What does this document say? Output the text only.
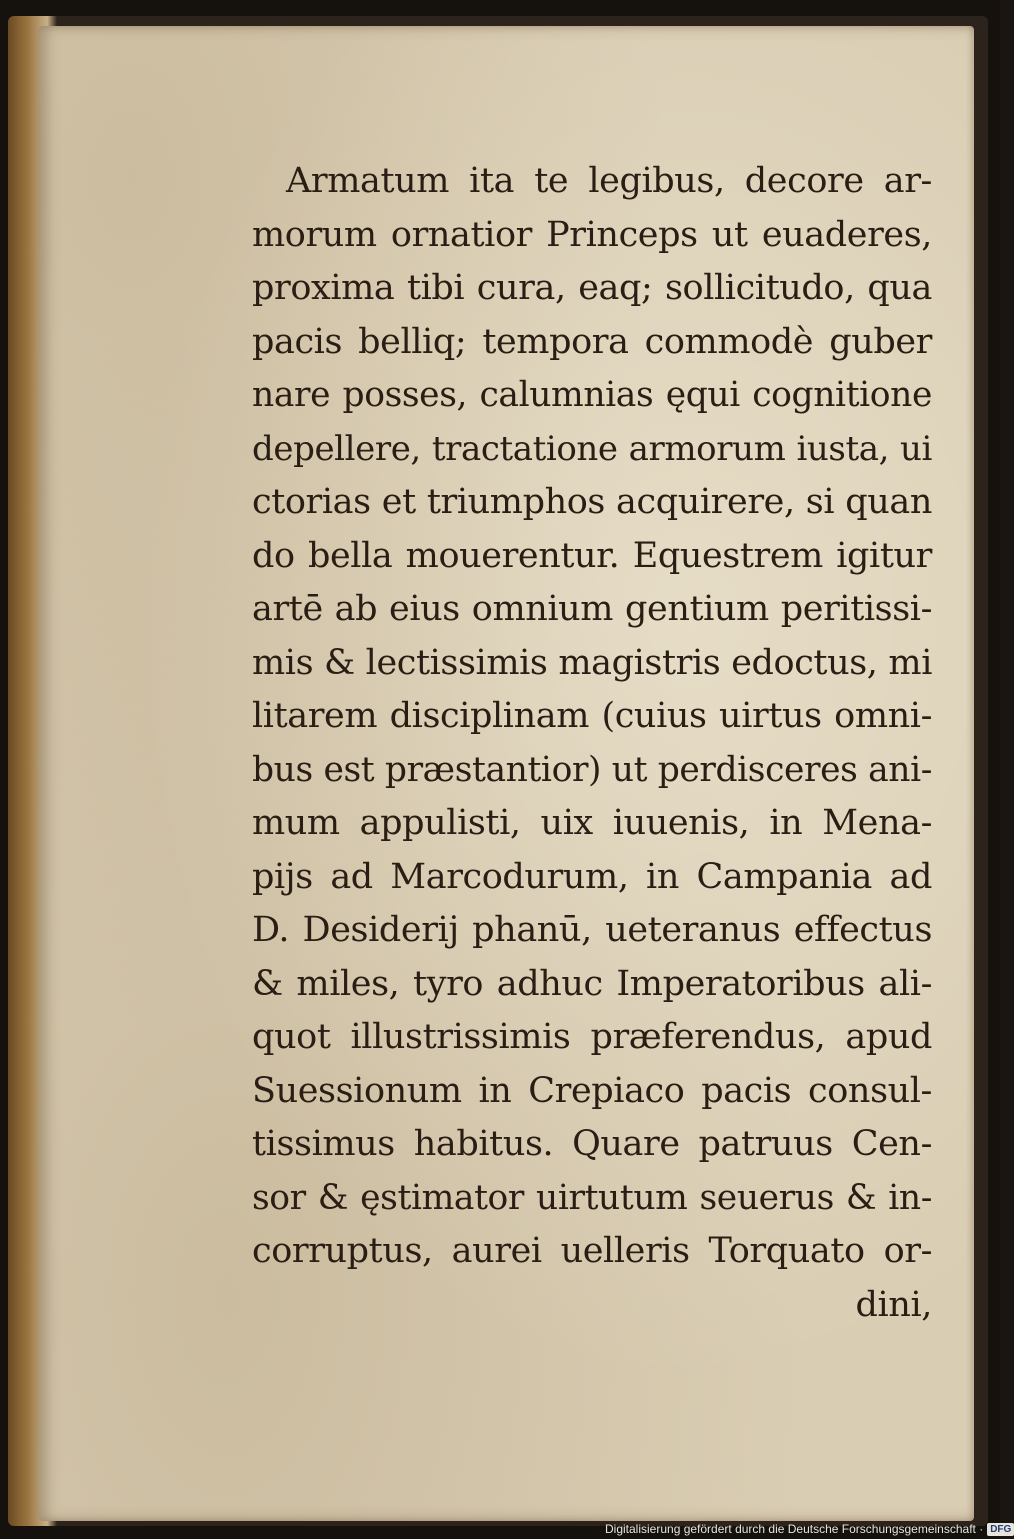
Armatum ita te legibus, decore ar-
morum ornatior Princeps ut euaderes,
proxima tibi cura, eaq; sollicitudo, qua
pacis belliq; tempora commodè guber
nare posses, calumnias ęqui cognitione
depellere, tractatione armorum iusta, ui
ctorias et triumphos acquirere, si quan
do bella mouerentur. Equestrem igitur
artē ab eius omnium gentium peritissi-
mis & lectissimis magistris edoctus, mi
litarem disciplinam (cuius uirtus omni-
bus est præstantior) ut perdisceres ani-
mum appulisti, uix iuuenis, in Mena-
pijs ad Marcodurum, in Campania ad
D. Desiderij phanū, ueteranus effectus
& miles, tyro adhuc Imperatoribus ali-
quot illustrissimis præferendus, apud
Suessionum in Crepiaco pacis consul-
tissimus habitus. Quare patruus Cen-
sor & ęstimator uirtutum seuerus & in-
corruptus, aurei uelleris Torquato or-
dini,
Digitalisierung gefördert durch die Deutsche Forschungsgemeinschaft · DFG
